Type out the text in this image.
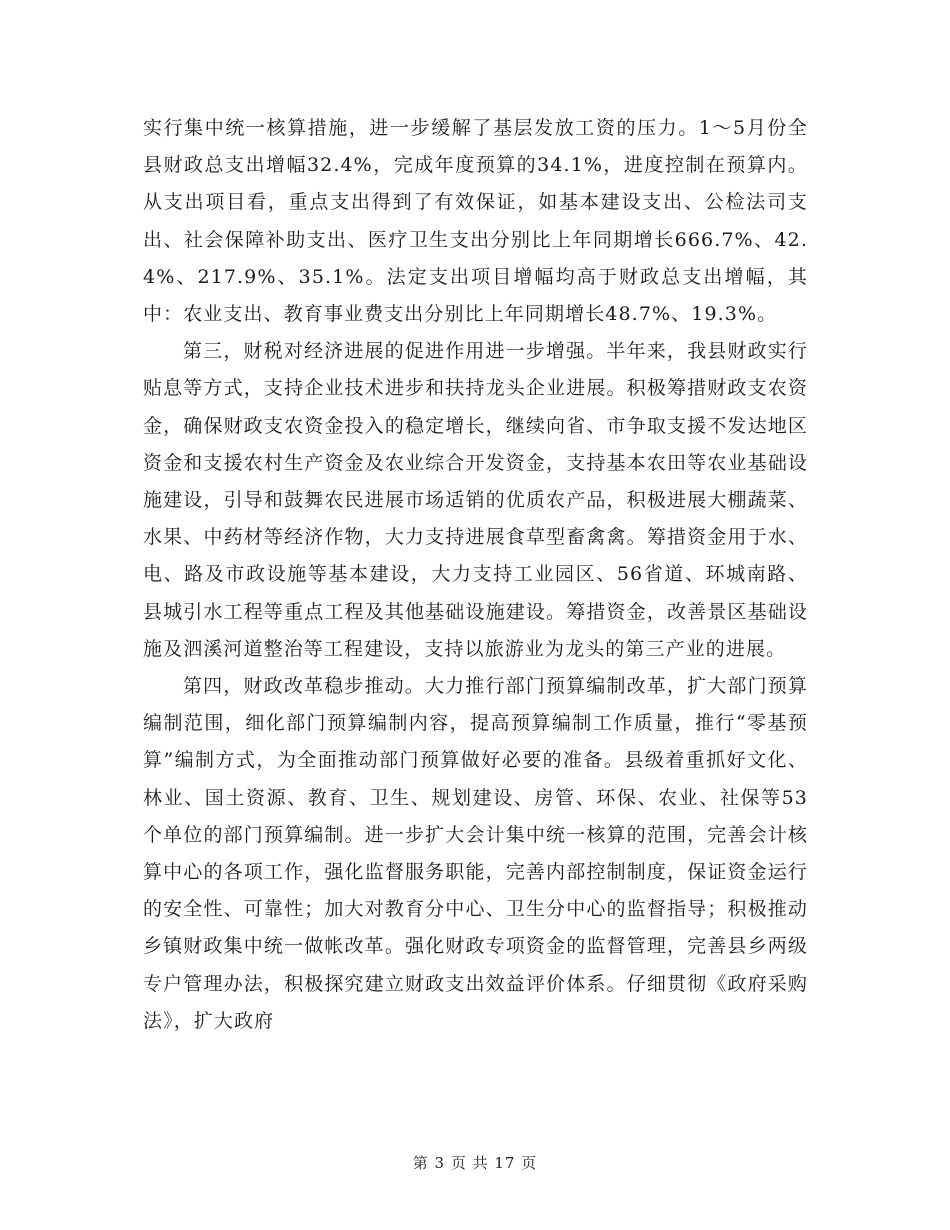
实行集中统一核算措施，进一步缓解了基层发放工资的压力。1～5月份全县财政总支出增幅32.4%，完成年度预算的34.1%，进度控制在预算内。从支出项目看，重点支出得到了有效保证，如基本建设支出、公检法司支出、社会保障补助支出、医疗卫生支出分别比上年同期增长666.7%、42.4%、217.9%、35.1%。法定支出项目增幅均高于财政总支出增幅，其中：农业支出、教育事业费支出分别比上年同期增长48.7%、19.3%。

第三，财税对经济进展的促进作用进一步增强。半年来，我县财政实行贴息等方式，支持企业技术进步和扶持龙头企业进展。积极筹措财政支农资金，确保财政支农资金投入的稳定增长，继续向省、市争取支援不发达地区资金和支援农村生产资金及农业综合开发资金，支持基本农田等农业基础设施建设，引导和鼓舞农民进展市场适销的优质农产品，积极进展大棚蔬菜、水果、中药材等经济作物，大力支持进展食草型畜禽禽。筹措资金用于水、电、路及市政设施等基本建设，大力支持工业园区、56省道、环城南路、县城引水工程等重点工程及其他基础设施建设。筹措资金，改善景区基础设施及泗溪河道整治等工程建设，支持以旅游业为龙头的第三产业的进展。

第四，财政改革稳步推动。大力推行部门预算编制改革，扩大部门预算编制范围，细化部门预算编制内容，提高预算编制工作质量，推行“零基预算”编制方式，为全面推动部门预算做好必要的准备。县级着重抓好文化、林业、国土资源、教育、卫生、规划建设、房管、环保、农业、社保等53个单位的部门预算编制。进一步扩大会计集中统一核算的范围，完善会计核算中心的各项工作，强化监督服务职能，完善内部控制制度，保证资金运行的安全性、可靠性；加大对教育分中心、卫生分中心的监督指导；积极推动乡镇财政集中统一做帐改革。强化财政专项资金的监督管理，完善县乡两级专户管理办法，积极探究建立财政支出效益评价体系。仔细贯彻《政府采购法》，扩大政府

第 3 页 共 17 页
